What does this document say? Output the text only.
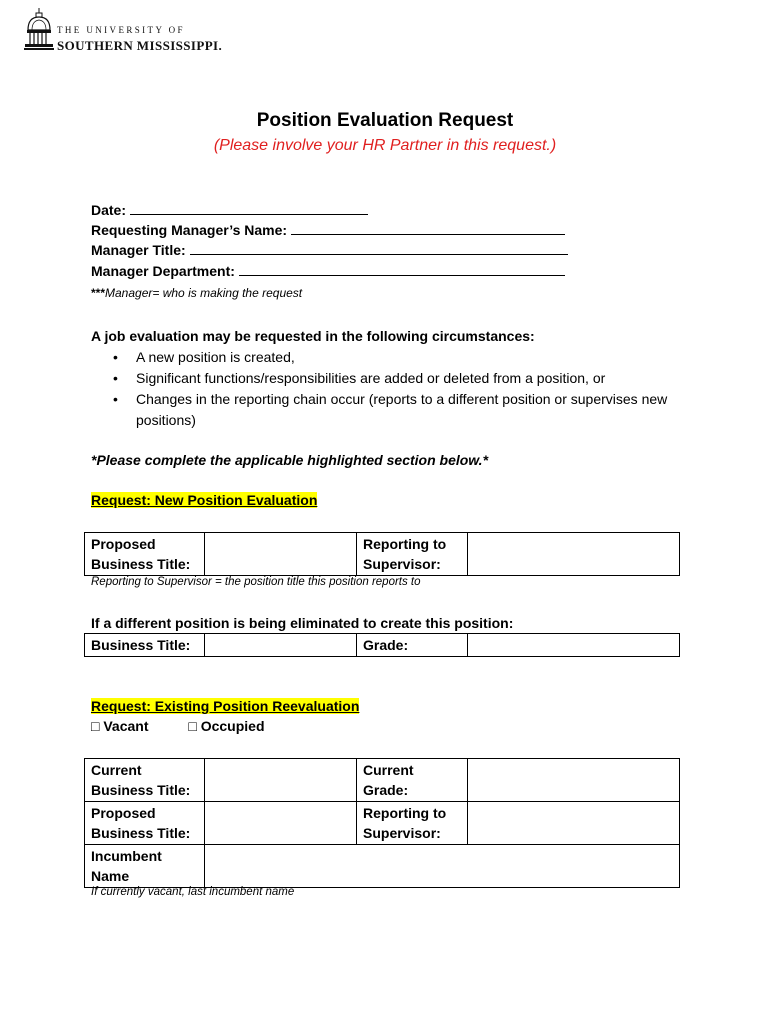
THE UNIVERSITY OF
SOUTHERN MISSISSIPPI.
Position Evaluation Request
(Please involve your HR Partner in this request.)
Date:
Requesting Manager’s Name:
Manager Title:
Manager Department:
***Manager= who is making the request
A job evaluation may be requested in the following circumstances:
• A new position is created,
• Significant functions/responsibilities are added or deleted from a position, or
• Changes in the reporting chain occur (reports to a different position or supervises new positions)
*Please complete the applicable highlighted section below.*
Request: New Position Evaluation
Proposed Business Title:		Reporting to Supervisor:	
Reporting to Supervisor = the position title this position reports to
If a different position is being eliminated to create this position:
Business Title:		Grade:	
Request: Existing Position Reevaluation
□ Vacant	□ Occupied
Current Business Title:		Current Grade:	
Proposed Business Title:		Reporting to Supervisor:	
Incumbent Name			
If currently vacant, last incumbent name
